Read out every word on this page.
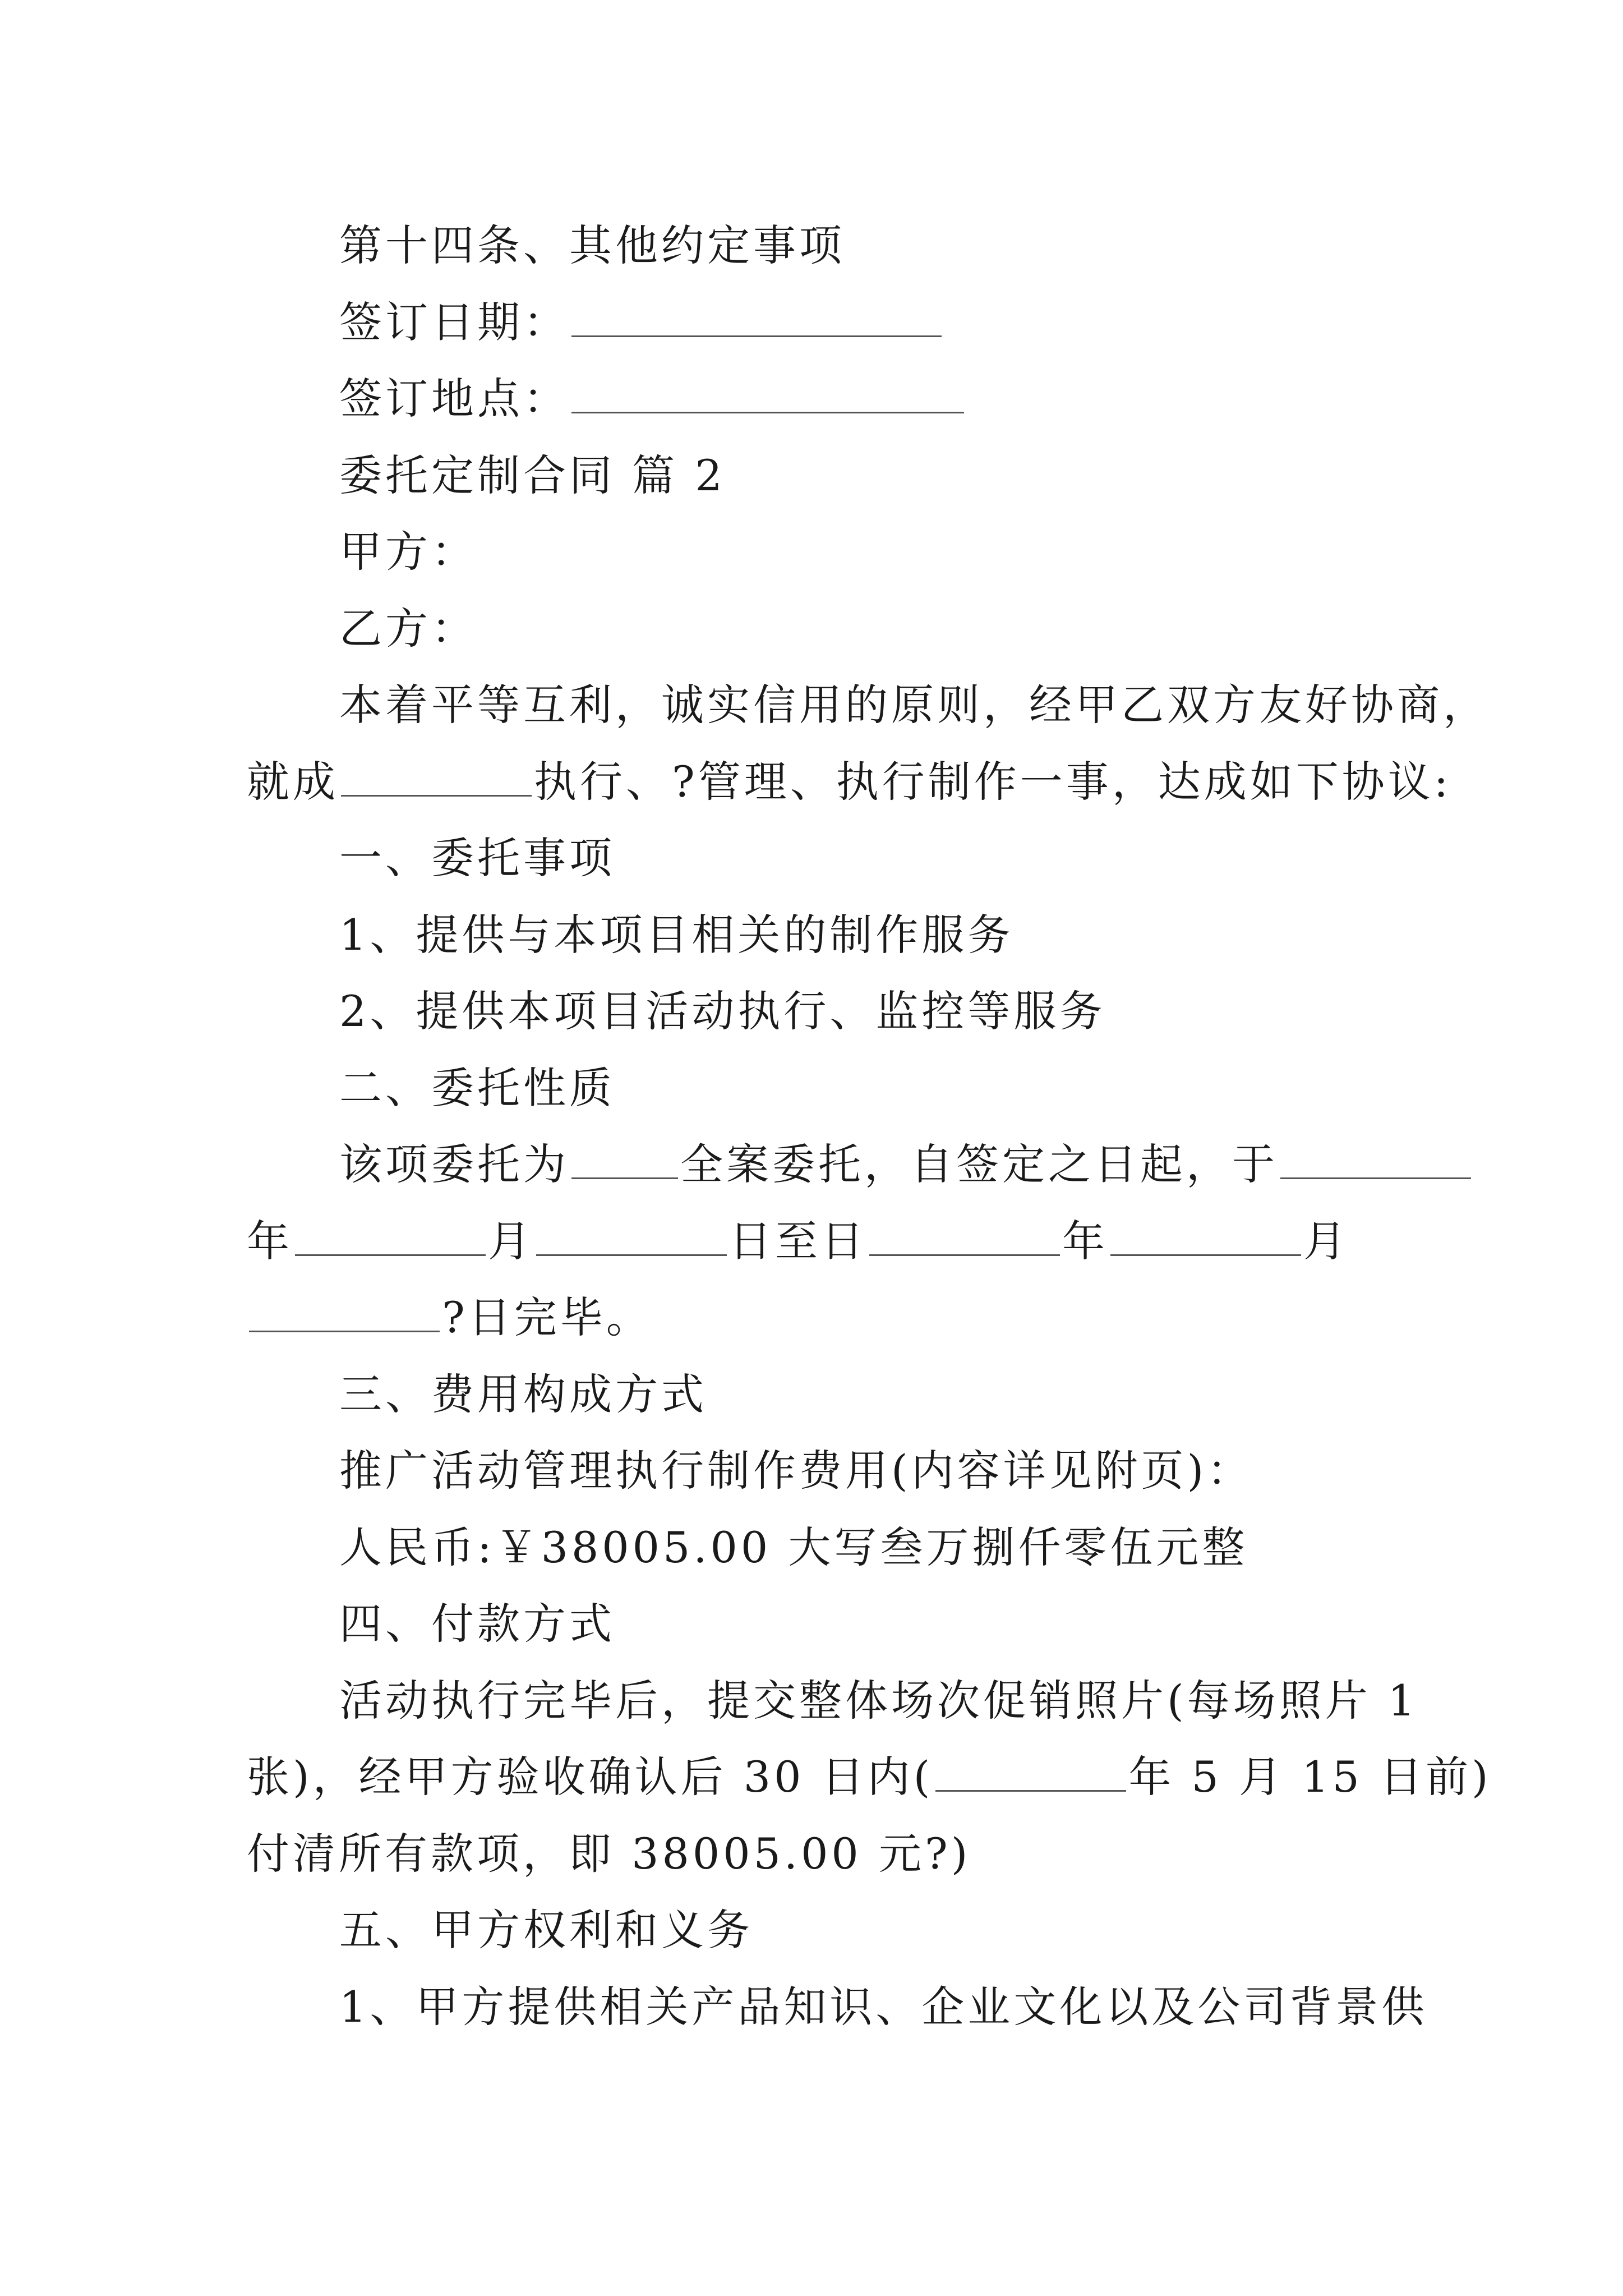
第十四条、其他约定事项
签订日期：
签订地点：
委托定制合同 篇 2
甲方：
乙方：
本着平等互利，诚实信用的原则，经甲乙双方友好协商，
就成	执行、?管理、执行制作一事，达成如下协议:
一、委托事项
1、提供与本项目相关的制作服务
2、提供本项目活动执行、监控等服务
二、委托性质
该项委托为	全案委托，自签定之日起，于
年	月	日至日	年	月
?日完毕。
三、费用构成方式
推广活动管理执行制作费用(内容详见附页)：
人民币:￥38005.00 大写叁万捌仟零伍元整
四、付款方式
活动执行完毕后，提交整体场次促销照片(每场照片 1
张)，经甲方验收确认后 30 日内(	年 5 月 15 日前)
付清所有款项，即 38005.00 元?)
五、甲方权利和义务
1、甲方提供相关产品知识、企业文化以及公司背景供
